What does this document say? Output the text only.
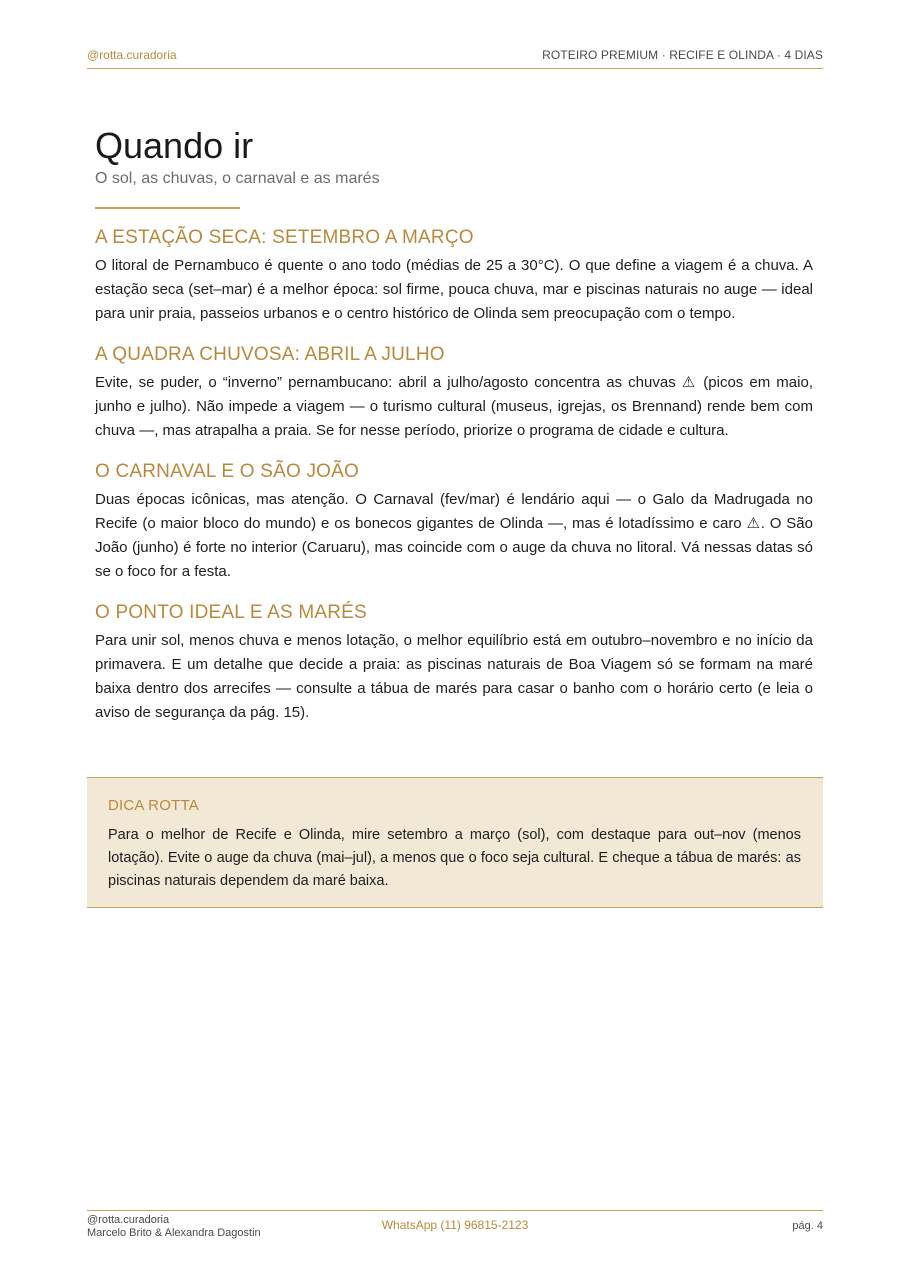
@rotta.curadoria	ROTEIRO PREMIUM · RECIFE E OLINDA · 4 DIAS
Quando ir

O sol, as chuvas, o carnaval e as marés

A ESTAÇÃO SECA: SETEMBRO A MARÇO

O litoral de Pernambuco é quente o ano todo (médias de 25 a 30°C). O que define a viagem é a chuva. A estação seca (set–mar) é a melhor época: sol firme, pouca chuva, mar e piscinas naturais no auge — ideal para unir praia, passeios urbanos e o centro histórico de Olinda sem preocupação com o tempo.

A QUADRA CHUVOSA: ABRIL A JULHO

Evite, se puder, o “inverno” pernambucano: abril a julho/agosto concentra as chuvas ⚠ (picos em maio, junho e julho). Não impede a viagem — o turismo cultural (museus, igrejas, os Brennand) rende bem com chuva —, mas atrapalha a praia. Se for nesse período, priorize o programa de cidade e cultura.

O CARNAVAL E O SÃO JOÃO

Duas épocas icônicas, mas atenção. O Carnaval (fev/mar) é lendário aqui — o Galo da Madrugada no Recife (o maior bloco do mundo) e os bonecos gigantes de Olinda —, mas é lotadíssimo e caro ⚠. O São João (junho) é forte no interior (Caruaru), mas coincide com o auge da chuva no litoral. Vá nessas datas só se o foco for a festa.

O PONTO IDEAL E AS MARÉS

Para unir sol, menos chuva e menos lotação, o melhor equilíbrio está em outubro–novembro e no início da primavera. E um detalhe que decide a praia: as piscinas naturais de Boa Viagem só se formam na maré baixa dentro dos arrecifes — consulte a tábua de marés para casar o banho com o horário certo (e leia o aviso de segurança da pág. 15).

DICA ROTTA

Para o melhor de Recife e Olinda, mire setembro a março (sol), com destaque para out–nov (menos lotação). Evite o auge da chuva (mai–jul), a menos que o foco seja cultural. E cheque a tábua de marés: as piscinas naturais dependem da maré baixa.

@rotta.curadoria
Marcelo Brito & Alexandra Dagostin
WhatsApp (11) 96815-2123	pág. 4
